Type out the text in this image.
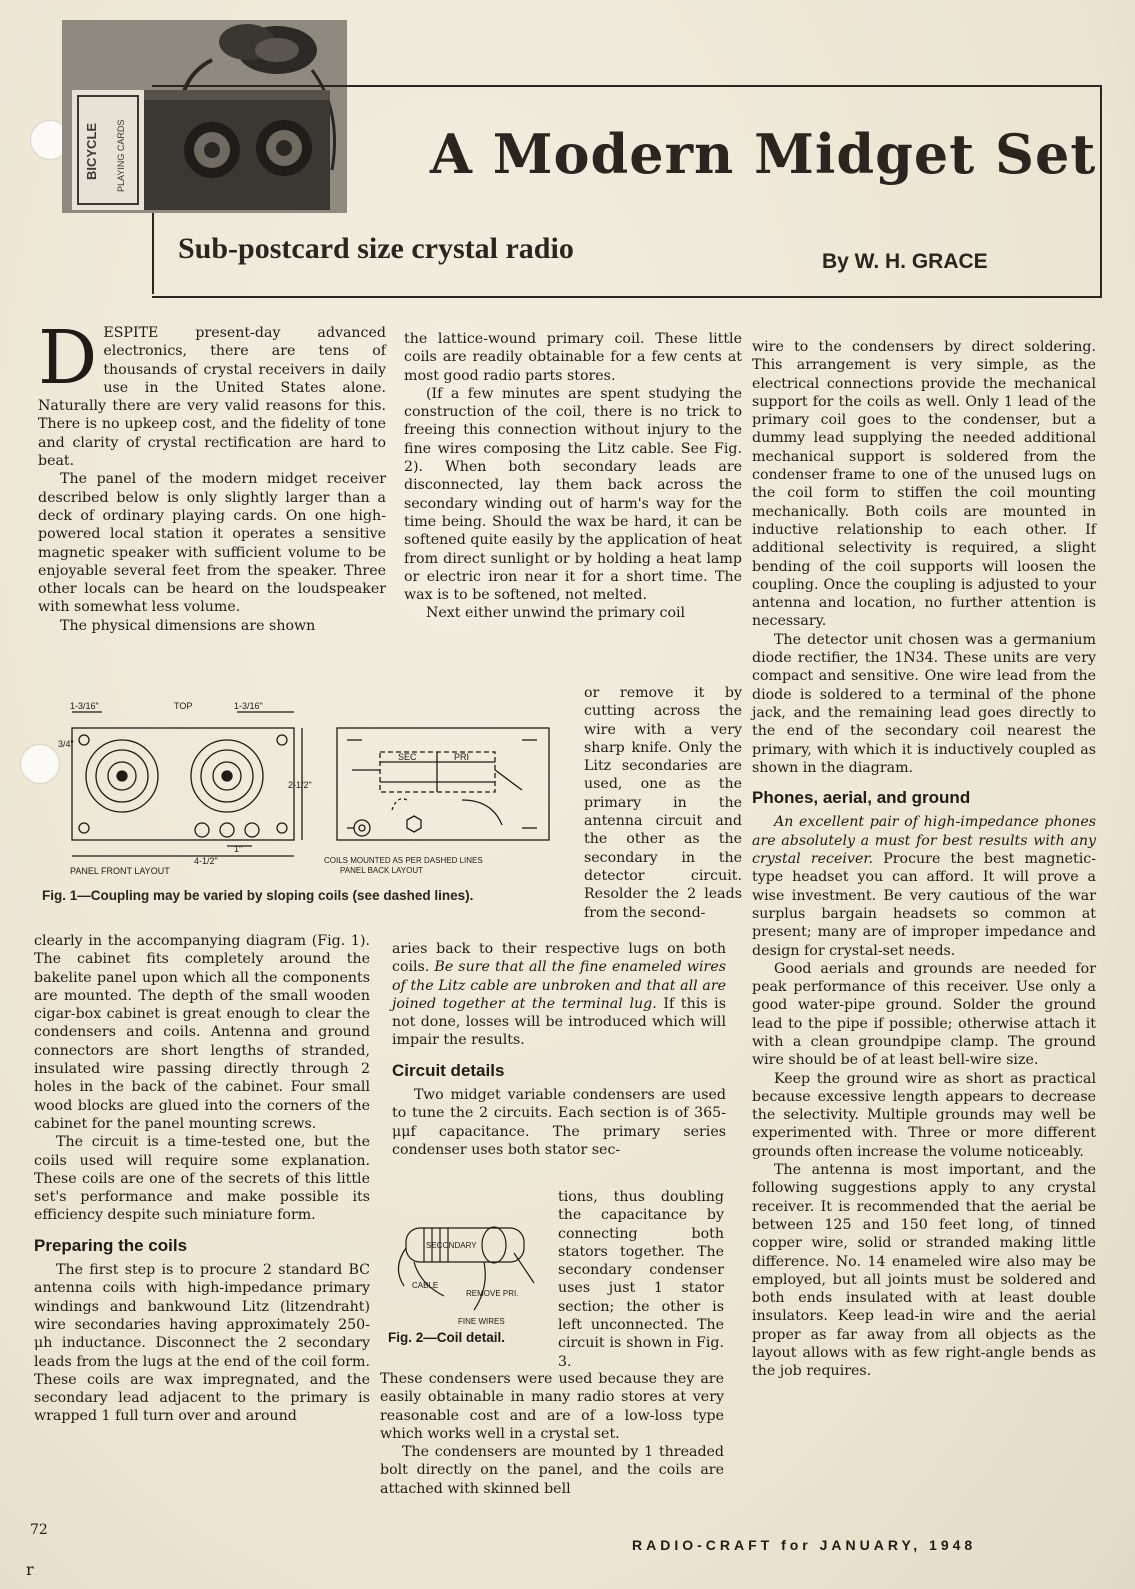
BICYCLE PLAYING CARDS	A Modern Midget Set
Sub-postcard size crystal radio	By W. H. GRACE
D ESPITE present-day advanced electronics, there are tens of thousands of crystal receivers in daily use in the United States alone. Naturally there are very valid reasons for this. There is no upkeep cost, and the fidelity of tone and clarity of crystal rectification are hard to beat.

The panel of the modern midget receiver described below is only slightly larger than a deck of ordinary playing cards. On one high-powered local station it operates a sensitive magnetic speaker with sufficient volume to be enjoyable several feet from the speaker. Three other locals can be heard on the loudspeaker with somewhat less volume.

The physical dimensions are shown

1-3/16"	TOP	1-3/16"
3/4"
2-1/2"
1"
4-1/2"
PANEL FRONT LAYOUT
SEC	PRI
COILS MOUNTED AS PER DASHED LINES
PANEL BACK LAYOUT
Fig. 1—Coupling may be varied by sloping coils (see dashed lines).

clearly in the accompanying diagram (Fig. 1). The cabinet fits completely around the bakelite panel upon which all the components are mounted. The depth of the small wooden cigar-box cabinet is great enough to clear the condensers and coils. Antenna and ground connectors are short lengths of stranded, insulated wire passing directly through 2 holes in the back of the cabinet. Four small wood blocks are glued into the corners of the cabinet for the panel mounting screws.

The circuit is a time-tested one, but the coils used will require some explanation. These coils are one of the secrets of this little set's performance and make possible its efficiency despite such miniature form.

Preparing the coils

The first step is to procure 2 standard BC antenna coils with high-impedance primary windings and bankwound Litz (litzendraht) wire secondaries having approximately 250-μh inductance. Disconnect the 2 secondary leads from the lugs at the end of the coil form. These coils are wax impregnated, and the secondary lead adjacent to the primary is wrapped 1 full turn over and around

the lattice-wound primary coil. These little coils are readily obtainable for a few cents at most good radio parts stores.

(If a few minutes are spent studying the construction of the coil, there is no trick to freeing this connection without injury to the fine wires composing the Litz cable. See Fig. 2). When both secondary leads are disconnected, lay them back across the secondary winding out of harm's way for the time being. Should the wax be hard, it can be softened quite easily by the application of heat from direct sunlight or by holding a heat lamp or electric iron near it for a short time. The wax is to be softened, not melted.

Next either unwind the primary coil

or remove it by cutting across the wire with a very sharp knife. Only the Litz secondaries are used, one as the primary in the antenna circuit and the other as the secondary in the detector circuit. Resolder the 2 leads from the second-

aries back to their respective lugs on both coils. Be sure that all the fine enameled wires of the Litz cable are unbroken and that all are joined together at the terminal lug. If this is not done, losses will be introduced which will impair the results.

Circuit details

Two midget variable condensers are used to tune the 2 circuits. Each section is of 365-μμf capacitance. The primary series condenser uses both stator sec-

tions, thus doubling the capacitance by connecting both stators together. The secondary condenser uses just 1 stator section; the other is left unconnected. The circuit is shown in Fig. 3.

SECONDARY
CABLE
REMOVE PRI.
FINE WIRES
Fig. 2—Coil detail.

These condensers were used because they are easily obtainable in many radio stores at very reasonable cost and are of a low-loss type which works well in a crystal set.

The condensers are mounted by 1 threaded bolt directly on the panel, and the coils are attached with skinned bell

wire to the condensers by direct soldering. This arrangement is very simple, as the electrical connections provide the mechanical support for the coils as well. Only 1 lead of the primary coil goes to the condenser, but a dummy lead supplying the needed additional mechanical support is soldered from the condenser frame to one of the unused lugs on the coil form to stiffen the coil mounting mechanically. Both coils are mounted in inductive relationship to each other. If additional selectivity is required, a slight bending of the coil supports will loosen the coupling. Once the coupling is adjusted to your antenna and location, no further attention is necessary.

The detector unit chosen was a germanium diode rectifier, the 1N34. These units are very compact and sensitive. One wire lead from the diode is soldered to a terminal of the phone jack, and the remaining lead goes directly to the end of the secondary coil nearest the primary, with which it is inductively coupled as shown in the diagram.

Phones, aerial, and ground

An excellent pair of high-impedance phones are absolutely a must for best results with any crystal receiver. Procure the best magnetic-type headset you can afford. It will prove a wise investment. Be very cautious of the war surplus bargain headsets so common at present; many are of improper impedance and design for crystal-set needs.

Good aerials and grounds are needed for peak performance of this receiver. Use only a good water-pipe ground. Solder the ground lead to the pipe if possible; otherwise attach it with a clean groundpipe clamp. The ground wire should be of at least bell-wire size.

Keep the ground wire as short as practical because excessive length appears to decrease the selectivity. Multiple grounds may well be experimented with. Three or more different grounds often increase the volume noticeably.

The antenna is most important, and the following suggestions apply to any crystal receiver. It is recommended that the aerial be between 125 and 150 feet long, of tinned copper wire, solid or stranded making little difference. No. 14 enameled wire also may be employed, but all joints must be soldered and both ends insulated with at least double insulators. Keep lead-in wire and the aerial proper as far away from all objects as the layout allows with as few right-angle bends as the job requires.

72
RADIO-CRAFT for JANUARY, 1948
r
